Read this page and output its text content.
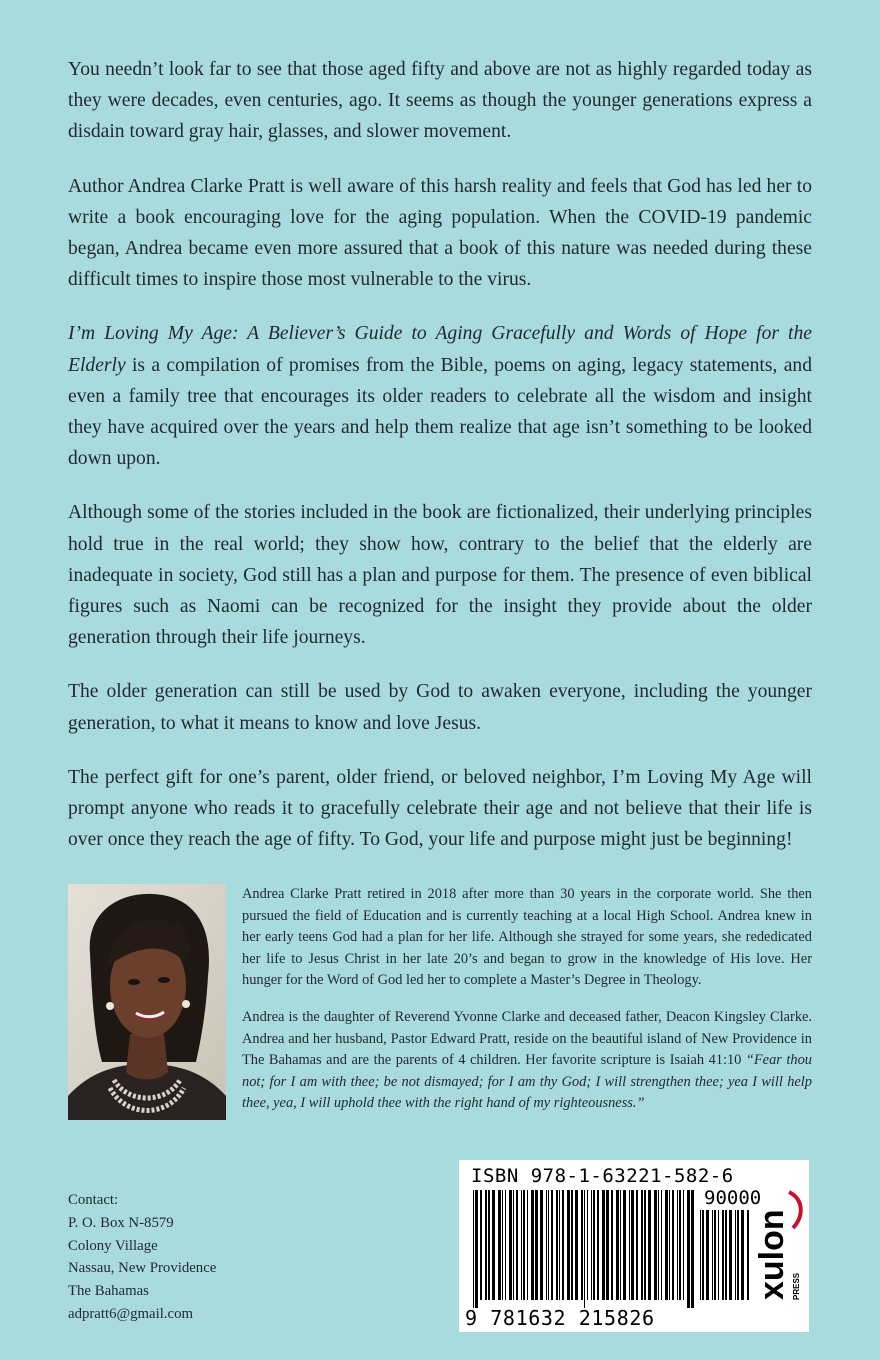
You needn’t look far to see that those aged fifty and above are not as highly regarded today as they were decades, even centuries, ago. It seems as though the younger generations express a disdain toward gray hair, glasses, and slower movement.

Author Andrea Clarke Pratt is well aware of this harsh reality and feels that God has led her to write a book encouraging love for the aging population. When the COVID-19 pandemic began, Andrea became even more assured that a book of this nature was needed during these difficult times to inspire those most vulnerable to the virus.

I’m Loving My Age: A Believer’s Guide to Aging Gracefully and Words of Hope for the Elderly is a compilation of promises from the Bible, poems on aging, legacy statements, and even a family tree that encourages its older readers to celebrate all the wisdom and insight they have acquired over the years and help them realize that age isn’t something to be looked down upon.

Although some of the stories included in the book are fictionalized, their underlying principles hold true in the real world; they show how, contrary to the belief that the elderly are inadequate in society, God still has a plan and purpose for them. The presence of even biblical figures such as Naomi can be recognized for the insight they provide about the older generation through their life journeys.

The older generation can still be used by God to awaken everyone, including the younger generation, to what it means to know and love Jesus.

The perfect gift for one’s parent, older friend, or beloved neighbor, I’m Loving My Age will prompt anyone who reads it to gracefully celebrate their age and not believe that their life is over once they reach the age of fifty. To God, your life and purpose might just be beginning!

Andrea Clarke Pratt retired in 2018 after more than 30 years in the corporate world. She then pursued the field of Education and is currently teaching at a local High School. Andrea knew in her early teens God had a plan for her life. Although she strayed for some years, she rededicated her life to Jesus Christ in her late 20’s and began to grow in the knowledge of His love. Her hunger for the Word of God led her to complete a Master’s Degree in Theology.

Andrea is the daughter of Reverend Yvonne Clarke and deceased father, Deacon Kingsley Clarke. Andrea and her husband, Pastor Edward Pratt, reside on the beautiful island of New Providence in The Bahamas and are the parents of 4 children. Her favorite scripture is Isaiah 41:10 “Fear thou not; for I am with thee; be not dismayed; for I am thy God; I will strengthen thee; yea I will help thee, yea, I will uphold thee with the right hand of my righteousness.”

Contact:
P. O. Box N-8579
Colony Village
Nassau, New Providence
The Bahamas
adpratt6@gmail.com
ISBN 978-1-63221-582-6
90000
9 781632 215826
xulon PRESS
